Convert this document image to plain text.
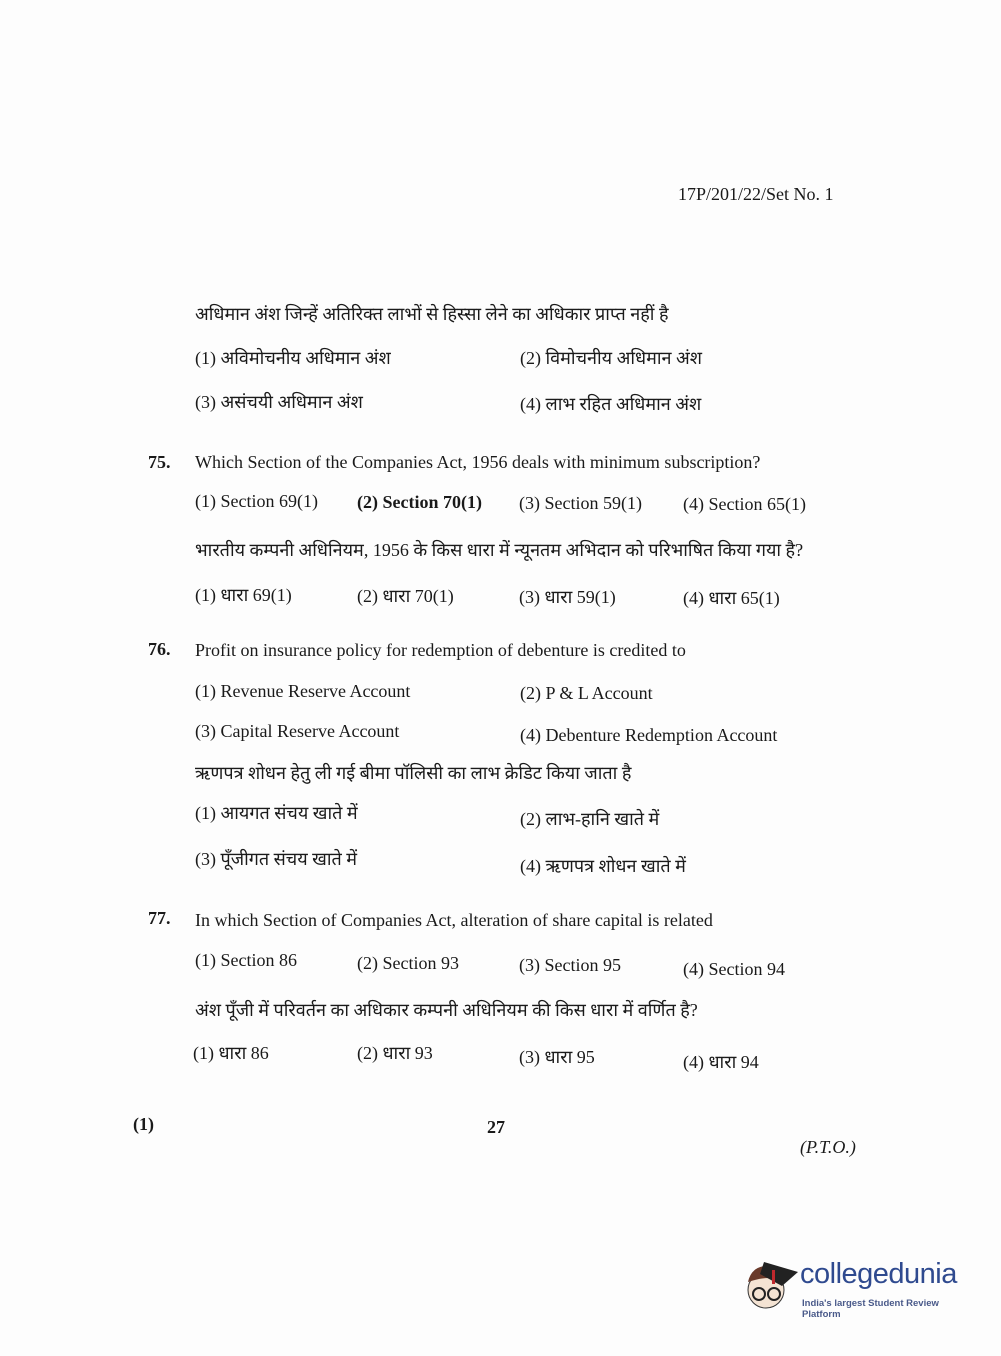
17P/201/22/Set No. 1
अधिमान अंश जिन्हें अतिरिक्त लाभों से हिस्सा लेने का अधिकार प्राप्त नहीं है
(1) अविमोचनीय अधिमान अंश	(2) विमोचनीय अधिमान अंश
(3) असंचयी अधिमान अंश	(4) लाभ रहित अधिमान अंश
75. Which Section of the Companies Act, 1956 deals with minimum subscription?
(1) Section 69(1) (2) Section 70(1) (3) Section 59(1) (4) Section 65(1)
भारतीय कम्पनी अधिनियम, 1956 के किस धारा में न्यूनतम अभिदान को परिभाषित किया गया है?
(1) धारा 69(1)	(2) धारा 70(1)	(3) धारा 59(1)	(4) धारा 65(1)
76. Profit on insurance policy for redemption of debenture is credited to
(1) Revenue Reserve Account	(2) P & L Account
(3) Capital Reserve Account	(4) Debenture Redemption Account
ऋणपत्र शोधन हेतु ली गई बीमा पॉलिसी का लाभ क्रेडिट किया जाता है
(1) आयगत संचय खाते में	(2) लाभ-हानि खाते में
(3) पूँजीगत संचय खाते में	(4) ऋणपत्र शोधन खाते में
77. In which Section of Companies Act, alteration of share capital is related
(1) Section 86	(2) Section 93	(3) Section 95	(4) Section 94
अंश पूँजी में परिवर्तन का अधिकार कम्पनी अधिनियम की किस धारा में वर्णित है?
(1) धारा 86	(2) धारा 93	(3) धारा 95	(4) धारा 94
(1)	27
(P.T.O.)
collegedunia
India's largest Student Review Platform
